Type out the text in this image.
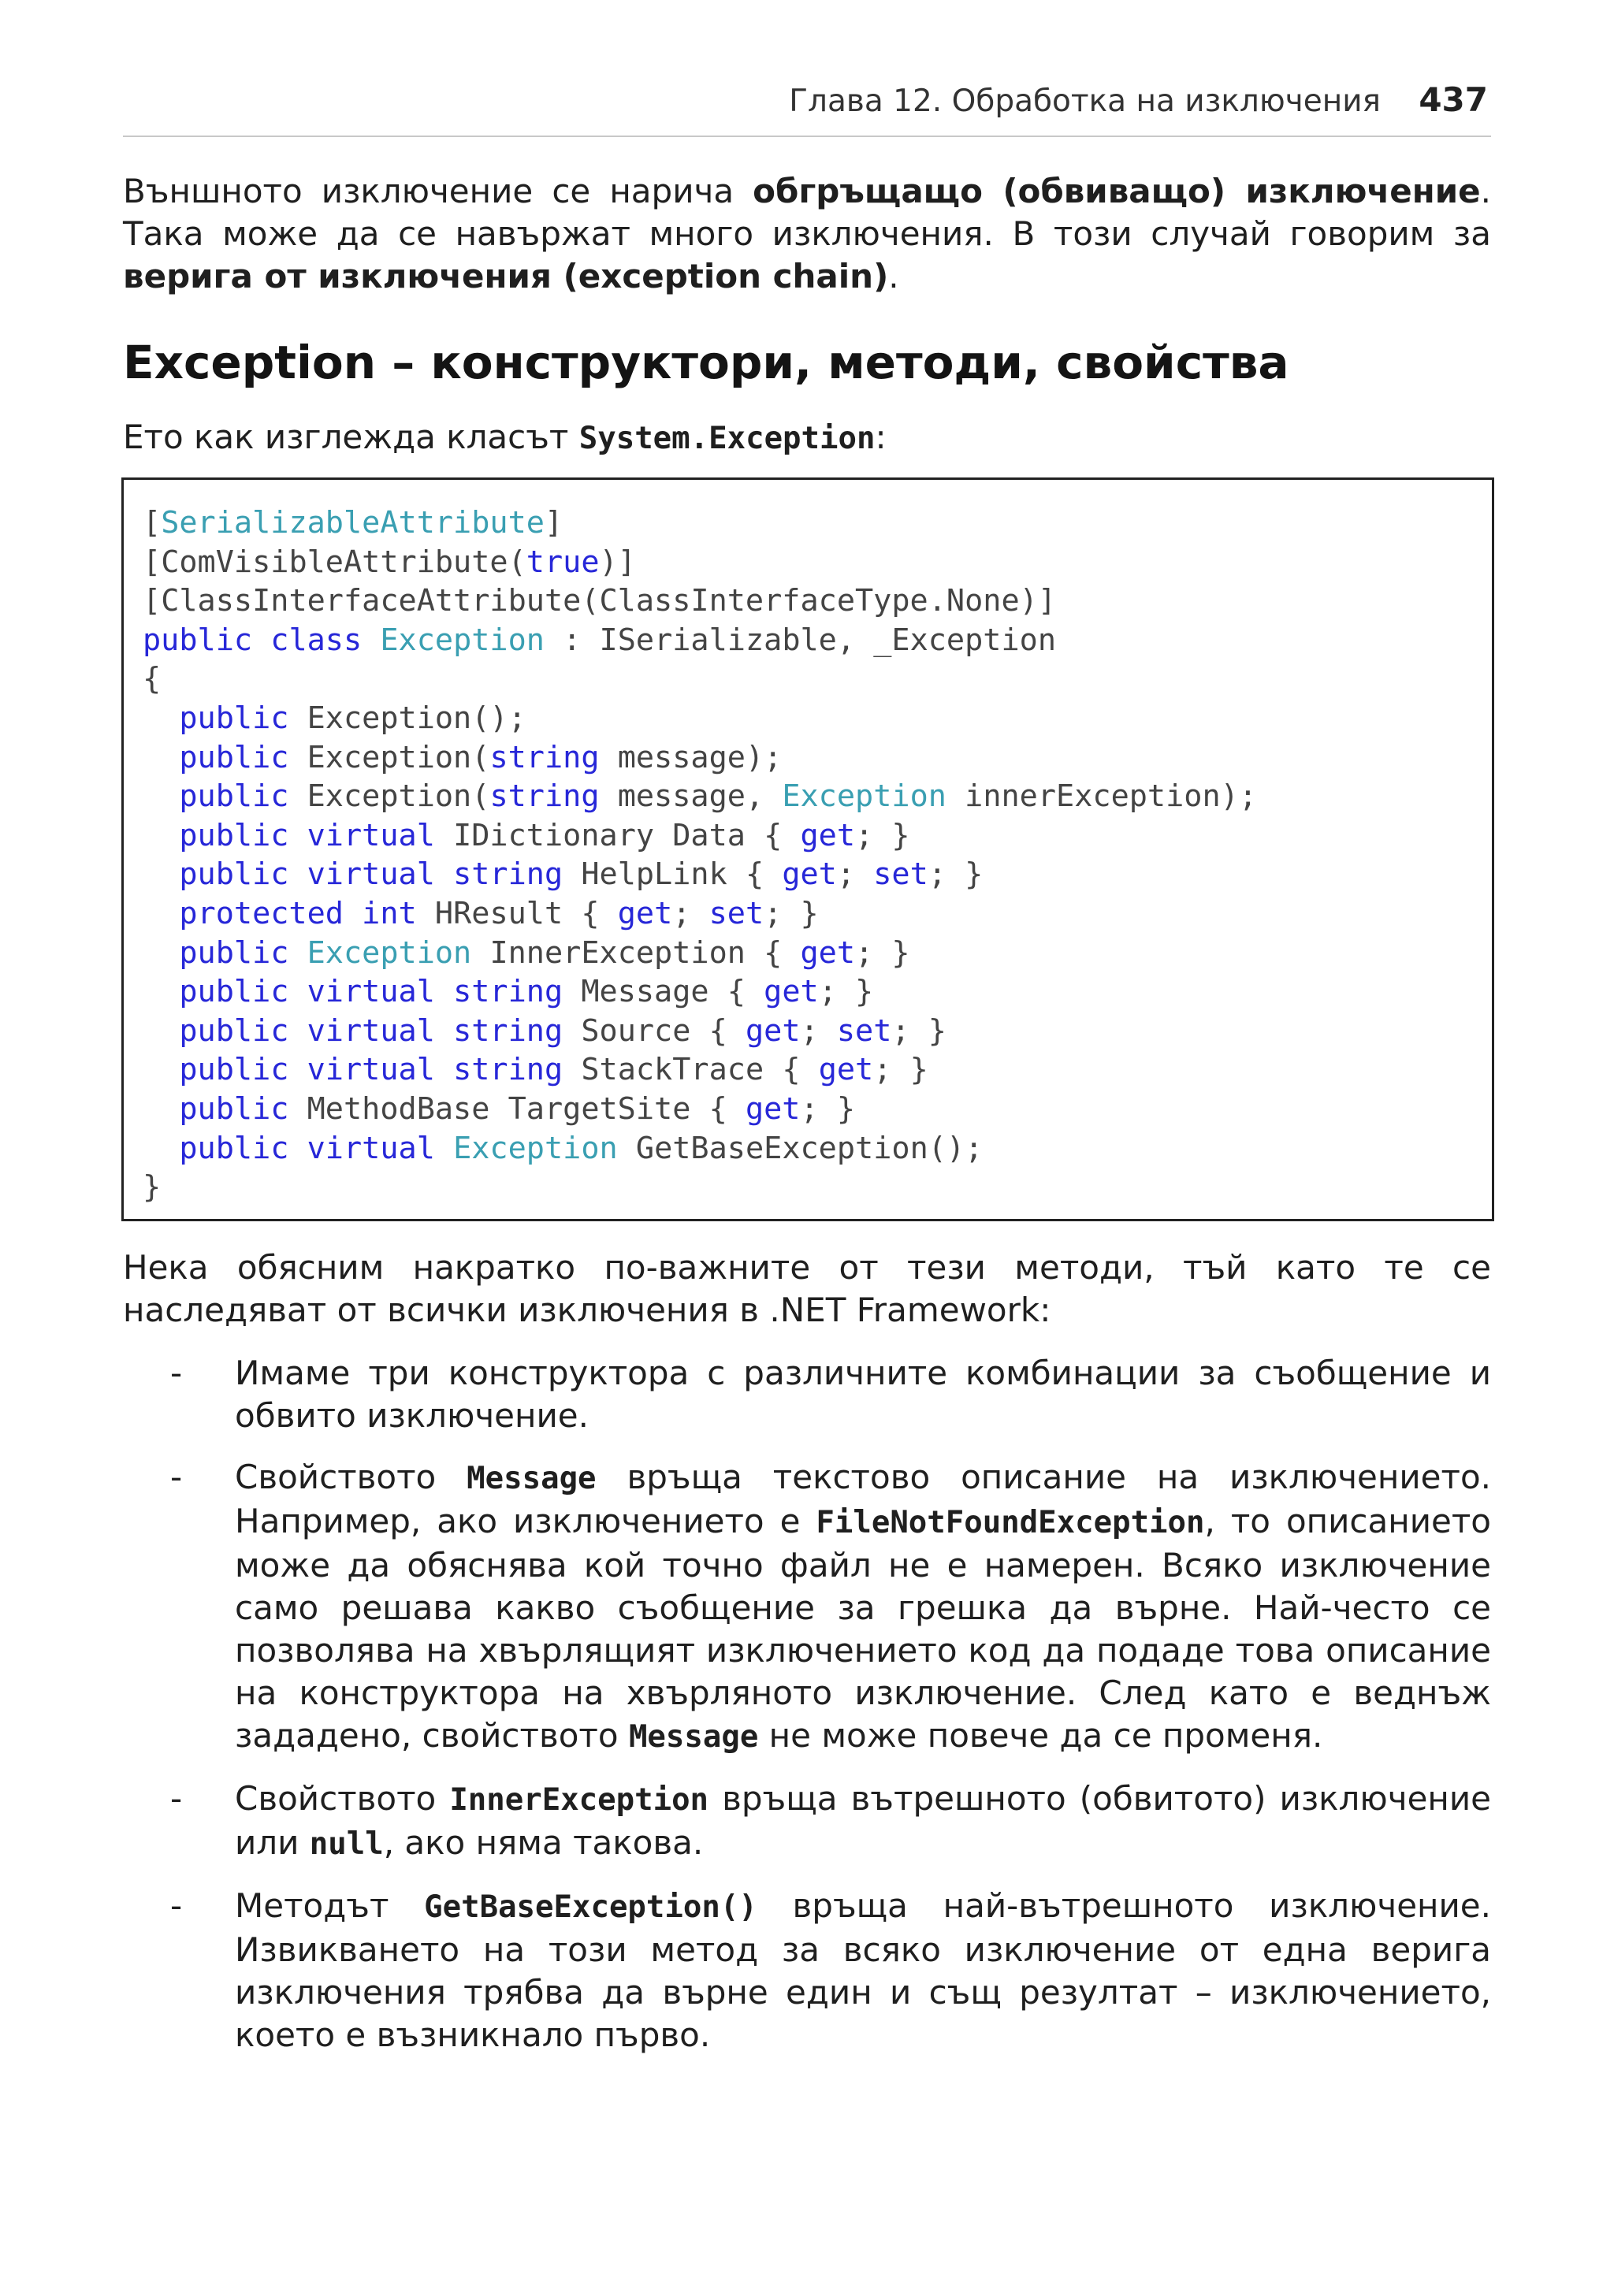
Глава 12. Обработка на изключения 437

Външното изключение се нарича обгръщащо (обвиващо) изключение. Така може да се навържат много изключения. В този случай говорим за верига от изключения (exception chain).

Exception – конструктори, методи, свойства

Ето как изглежда класът System.Exception:

[SerializableAttribute]
[ComVisibleAttribute(true)]
[ClassInterfaceAttribute(ClassInterfaceType.None)]
public class Exception : ISerializable, _Exception
{
public Exception();
public Exception(string message);
public Exception(string message, Exception innerException);
public virtual IDictionary Data { get; }
public virtual string HelpLink { get; set; }
protected int HResult { get; set; }
public Exception InnerException { get; }
public virtual string Message { get; }
public virtual string Source { get; set; }
public virtual string StackTrace { get; }
public MethodBase TargetSite { get; }
public virtual Exception GetBaseException();
}

Нека обясним накратко по-важните от тези методи, тъй като те се наследяват от всички изключения в .NET Framework:

- Имаме три конструктора с различните комбинации за съобщение и обвито изключение.

- Свойството Message връща текстово описание на изключението. Например, ако изключението е FileNotFoundException, то описанието може да обяснява кой точно файл не е намерен. Всяко изключение само решава какво съобщение за грешка да върне. Най-често се позволява на хвърлящият изключението код да подаде това описание на конструктора на хвърляното изключение. След като е веднъж зададено, свойството Message не може повече да се променя.

- Свойството InnerException връща вътрешното (обвитото) изключение или null, ако няма такова.

- Методът GetBaseException() връща най-вътрешното изключение. Извикването на този метод за всяко изключение от една верига изключения трябва да върне един и същ резултат – изключението, което е възникнало първо.
